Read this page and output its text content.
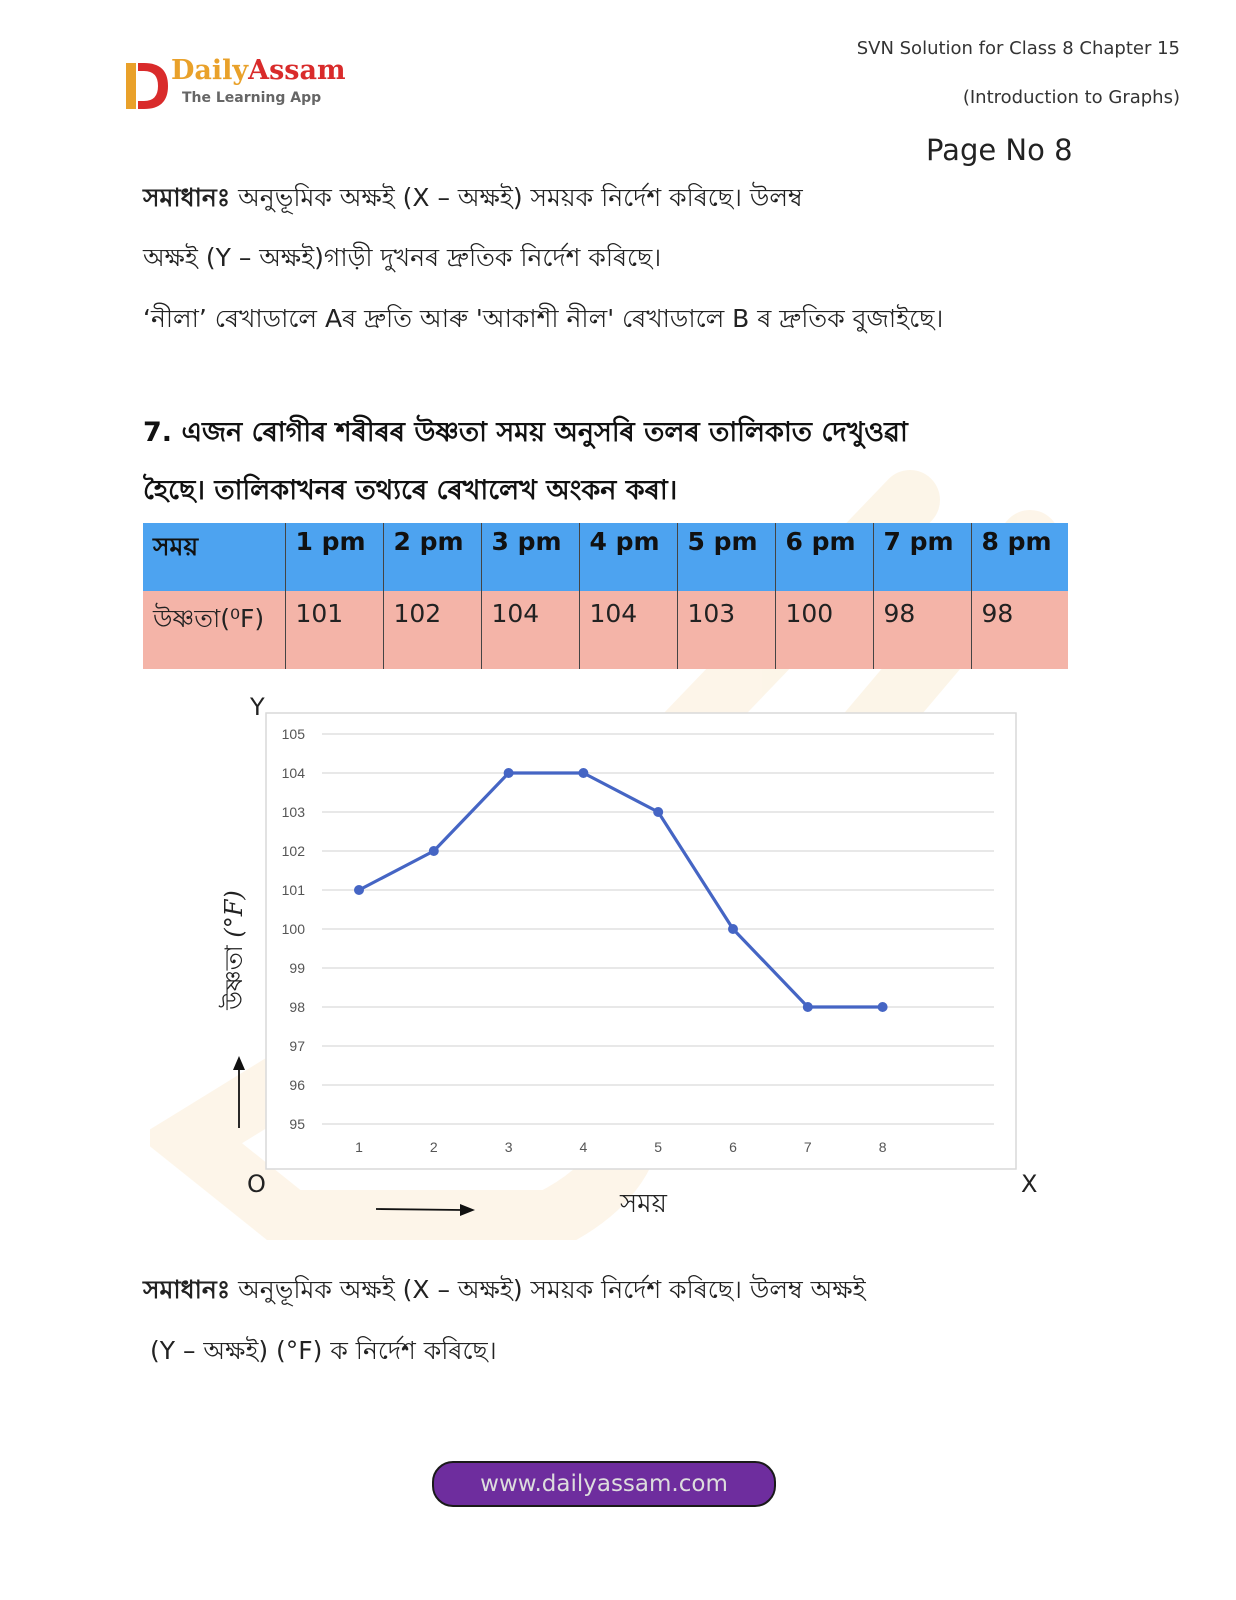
DailyAssam
The Learning App
SVN Solution for Class 8 Chapter 15
(Introduction to Graphs)
Page No 8
সমাধানঃ অনুভূমিক অক্ষই (X – অক্ষই) সময়ক নির্দেশ কৰিছে। উলম্ব
অক্ষই (Y – অক্ষই)গাড়ী দুখনৰ দ্ৰুতিক নির্দেশ কৰিছে।
‘নীলা’ ৰেখাডালে Aৰ দ্ৰুতি আৰু 'আকাশী নীল' ৰেখাডালে B ৰ দ্ৰুতিক বুজাইছে।
7. এজন ৰোগীৰ শৰীৰৰ উষ্ণতা সময় অনুসৰি তলৰ তালিকাত দেখুওৱা
হৈছে। তালিকাখনৰ তথ্যৰে ৰেখালেখ অংকন কৰা।
সময়	1 pm	2 pm	3 pm	4 pm	5 pm	6 pm	7 pm	8 pm
উষ্ণতা(⁰F)	101	102	104	104	103	100	98	98
95
96
97
98
99
100
101
102
103
104
105
1	2	3	4	5	6	7	8
Y
O	X
উষ্ণতা (°F)
সময়
সমাধানঃ অনুভূমিক অক্ষই (X – অক্ষই) সময়ক নির্দেশ কৰিছে। উলম্ব অক্ষই
(Y – অক্ষই) (°F) ক নির্দেশ কৰিছে।
www.dailyassam.com
